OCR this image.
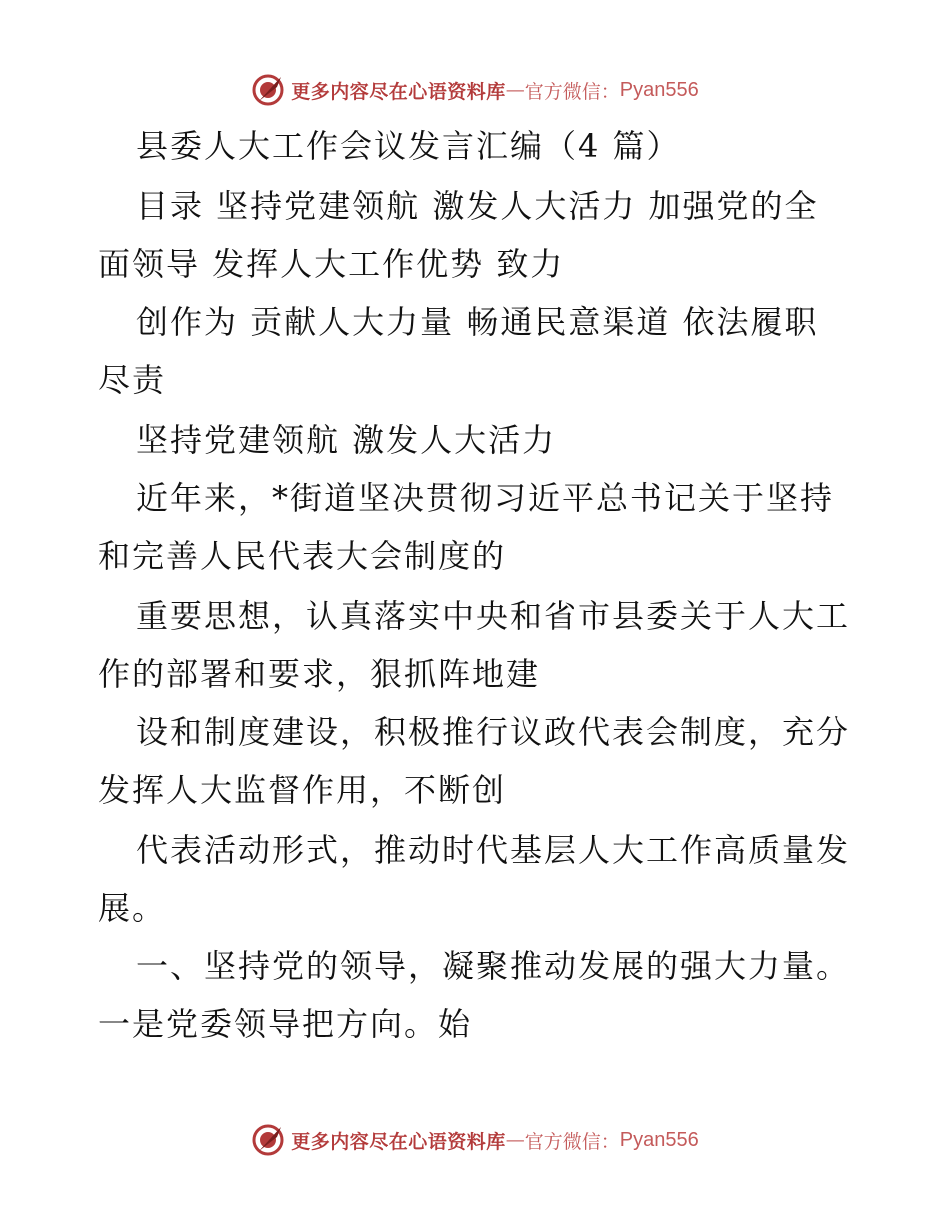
更多内容尽在心语资料库 — 官方微信： Pyan556
县委人大工作会议发言汇编（4 篇）
目录 坚持党建领航 激发人大活力 加强党的全
面领导 发挥人大工作优势 致力
创作为 贡献人大力量 畅通民意渠道 依法履职
尽责
坚持党建领航 激发人大活力
近年来，*街道坚决贯彻习近平总书记关于坚持
和完善人民代表大会制度的
重要思想，认真落实中央和省市县委关于人大工
作的部署和要求，狠抓阵地建
设和制度建设，积极推行议政代表会制度，充分
发挥人大监督作用，不断创
代表活动形式，推动时代基层人大工作高质量发
展。
一、坚持党的领导，凝聚推动发展的强大力量。
一是党委领导把方向。始
更多内容尽在心语资料库 — 官方微信： Pyan556
